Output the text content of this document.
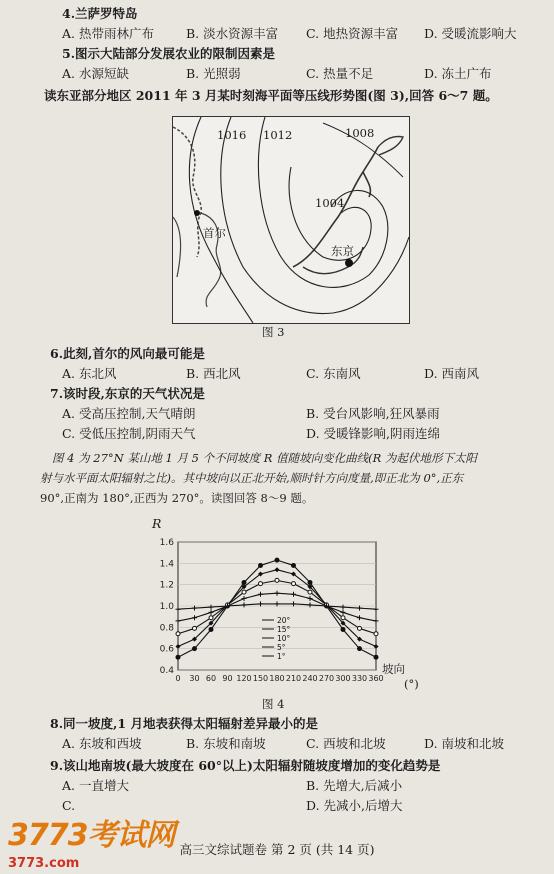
4.兰萨罗特岛
A. 热带雨林广布	B. 淡水资源丰富 C. 地热资源丰富 D. 受暖流影响大
5.图示大陆部分发展农业的限制因素是
A. 水源短缺	B. 光照弱	C. 热量不足	D. 冻土广布
读东亚部分地区 2011 年 3 月某时刻海平面等压线形势图(图 3),回答 6～7 题。
1016 1012	1008
1004
首尔
东京
图 3
6.此刻,首尔的风向最可能是
A. 东北风	B. 西北风	C. 东南风	D. 西南风
7.该时段,东京的天气状况是
A. 受高压控制,天气晴朗	B. 受台风影响,狂风暴雨
C. 受低压控制,阴雨天气	D. 受暖锋影响,阴雨连绵
图 4 为 27°N 某山地 1 月 5 个不同坡度 R 值随坡向变化曲线(R 为起伏地形下太阳
射与水平面太阳辐射之比)。其中坡向以正北开始,顺时针方向度量,即正北为 0°,正东
90°,正南为 180°,正西为 270°。读图回答 8～9 题。
R
0.4
0.6
0.8
1.0
1.2
1.4
1.6
0 30 60 90 120 150 180 210 240 270 300 330 360
20°
15°
10°
5°
1°
坡向
(°)
图 4
8.同一坡度,1 月地表获得太阳辐射差异最小的是
A. 东坡和西坡	B. 东坡和南坡	C. 西坡和北坡	D. 南坡和北坡
9.该山地南坡(最大坡度在 60°以上)太阳辐射随坡度增加的变化趋势是
A. 一直增大	B. 先增大,后减小
C.	D. 先减小,后增大
高三文综试题卷 第 2 页 (共 14 页)
3773考试网
3773.com
